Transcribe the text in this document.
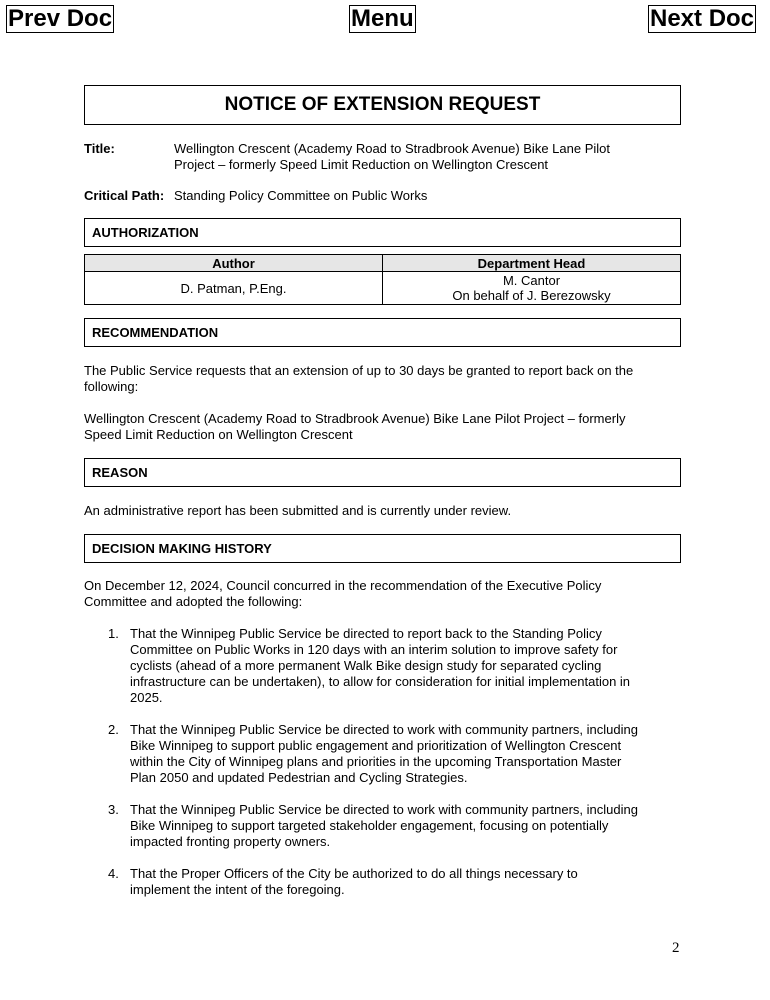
Prev Doc	Menu	Next Doc
NOTICE OF EXTENSION REQUEST
Title:	Wellington Crescent (Academy Road to Stradbrook Avenue) Bike Lane Pilot
Project – formerly Speed Limit Reduction on Wellington Crescent
Critical Path: Standing Policy Committee on Public Works
AUTHORIZATION
Author	Department Head
D. Patman, P.Eng.	M. Cantor
On behalf of J. Berezowsky
RECOMMENDATION

The Public Service requests that an extension of up to 30 days be granted to report back on the
following:

Wellington Crescent (Academy Road to Stradbrook Avenue) Bike Lane Pilot Project – formerly
Speed Limit Reduction on Wellington Crescent

REASON

An administrative report has been submitted and is currently under review.

DECISION MAKING HISTORY

On December 12, 2024, Council concurred in the recommendation of the Executive Policy
Committee and adopted the following:

1. That the Winnipeg Public Service be directed to report back to the Standing Policy
Committee on Public Works in 120 days with an interim solution to improve safety for
cyclists (ahead of a more permanent Walk Bike design study for separated cycling
infrastructure can be undertaken), to allow for consideration for initial implementation in
2025.
2. That the Winnipeg Public Service be directed to work with community partners, including
Bike Winnipeg to support public engagement and prioritization of Wellington Crescent
within the City of Winnipeg plans and priorities in the upcoming Transportation Master
Plan 2050 and updated Pedestrian and Cycling Strategies.
3. That the Winnipeg Public Service be directed to work with community partners, including
Bike Winnipeg to support targeted stakeholder engagement, focusing on potentially
impacted fronting property owners.
4. That the Proper Officers of the City be authorized to do all things necessary to
implement the intent of the foregoing.
2
